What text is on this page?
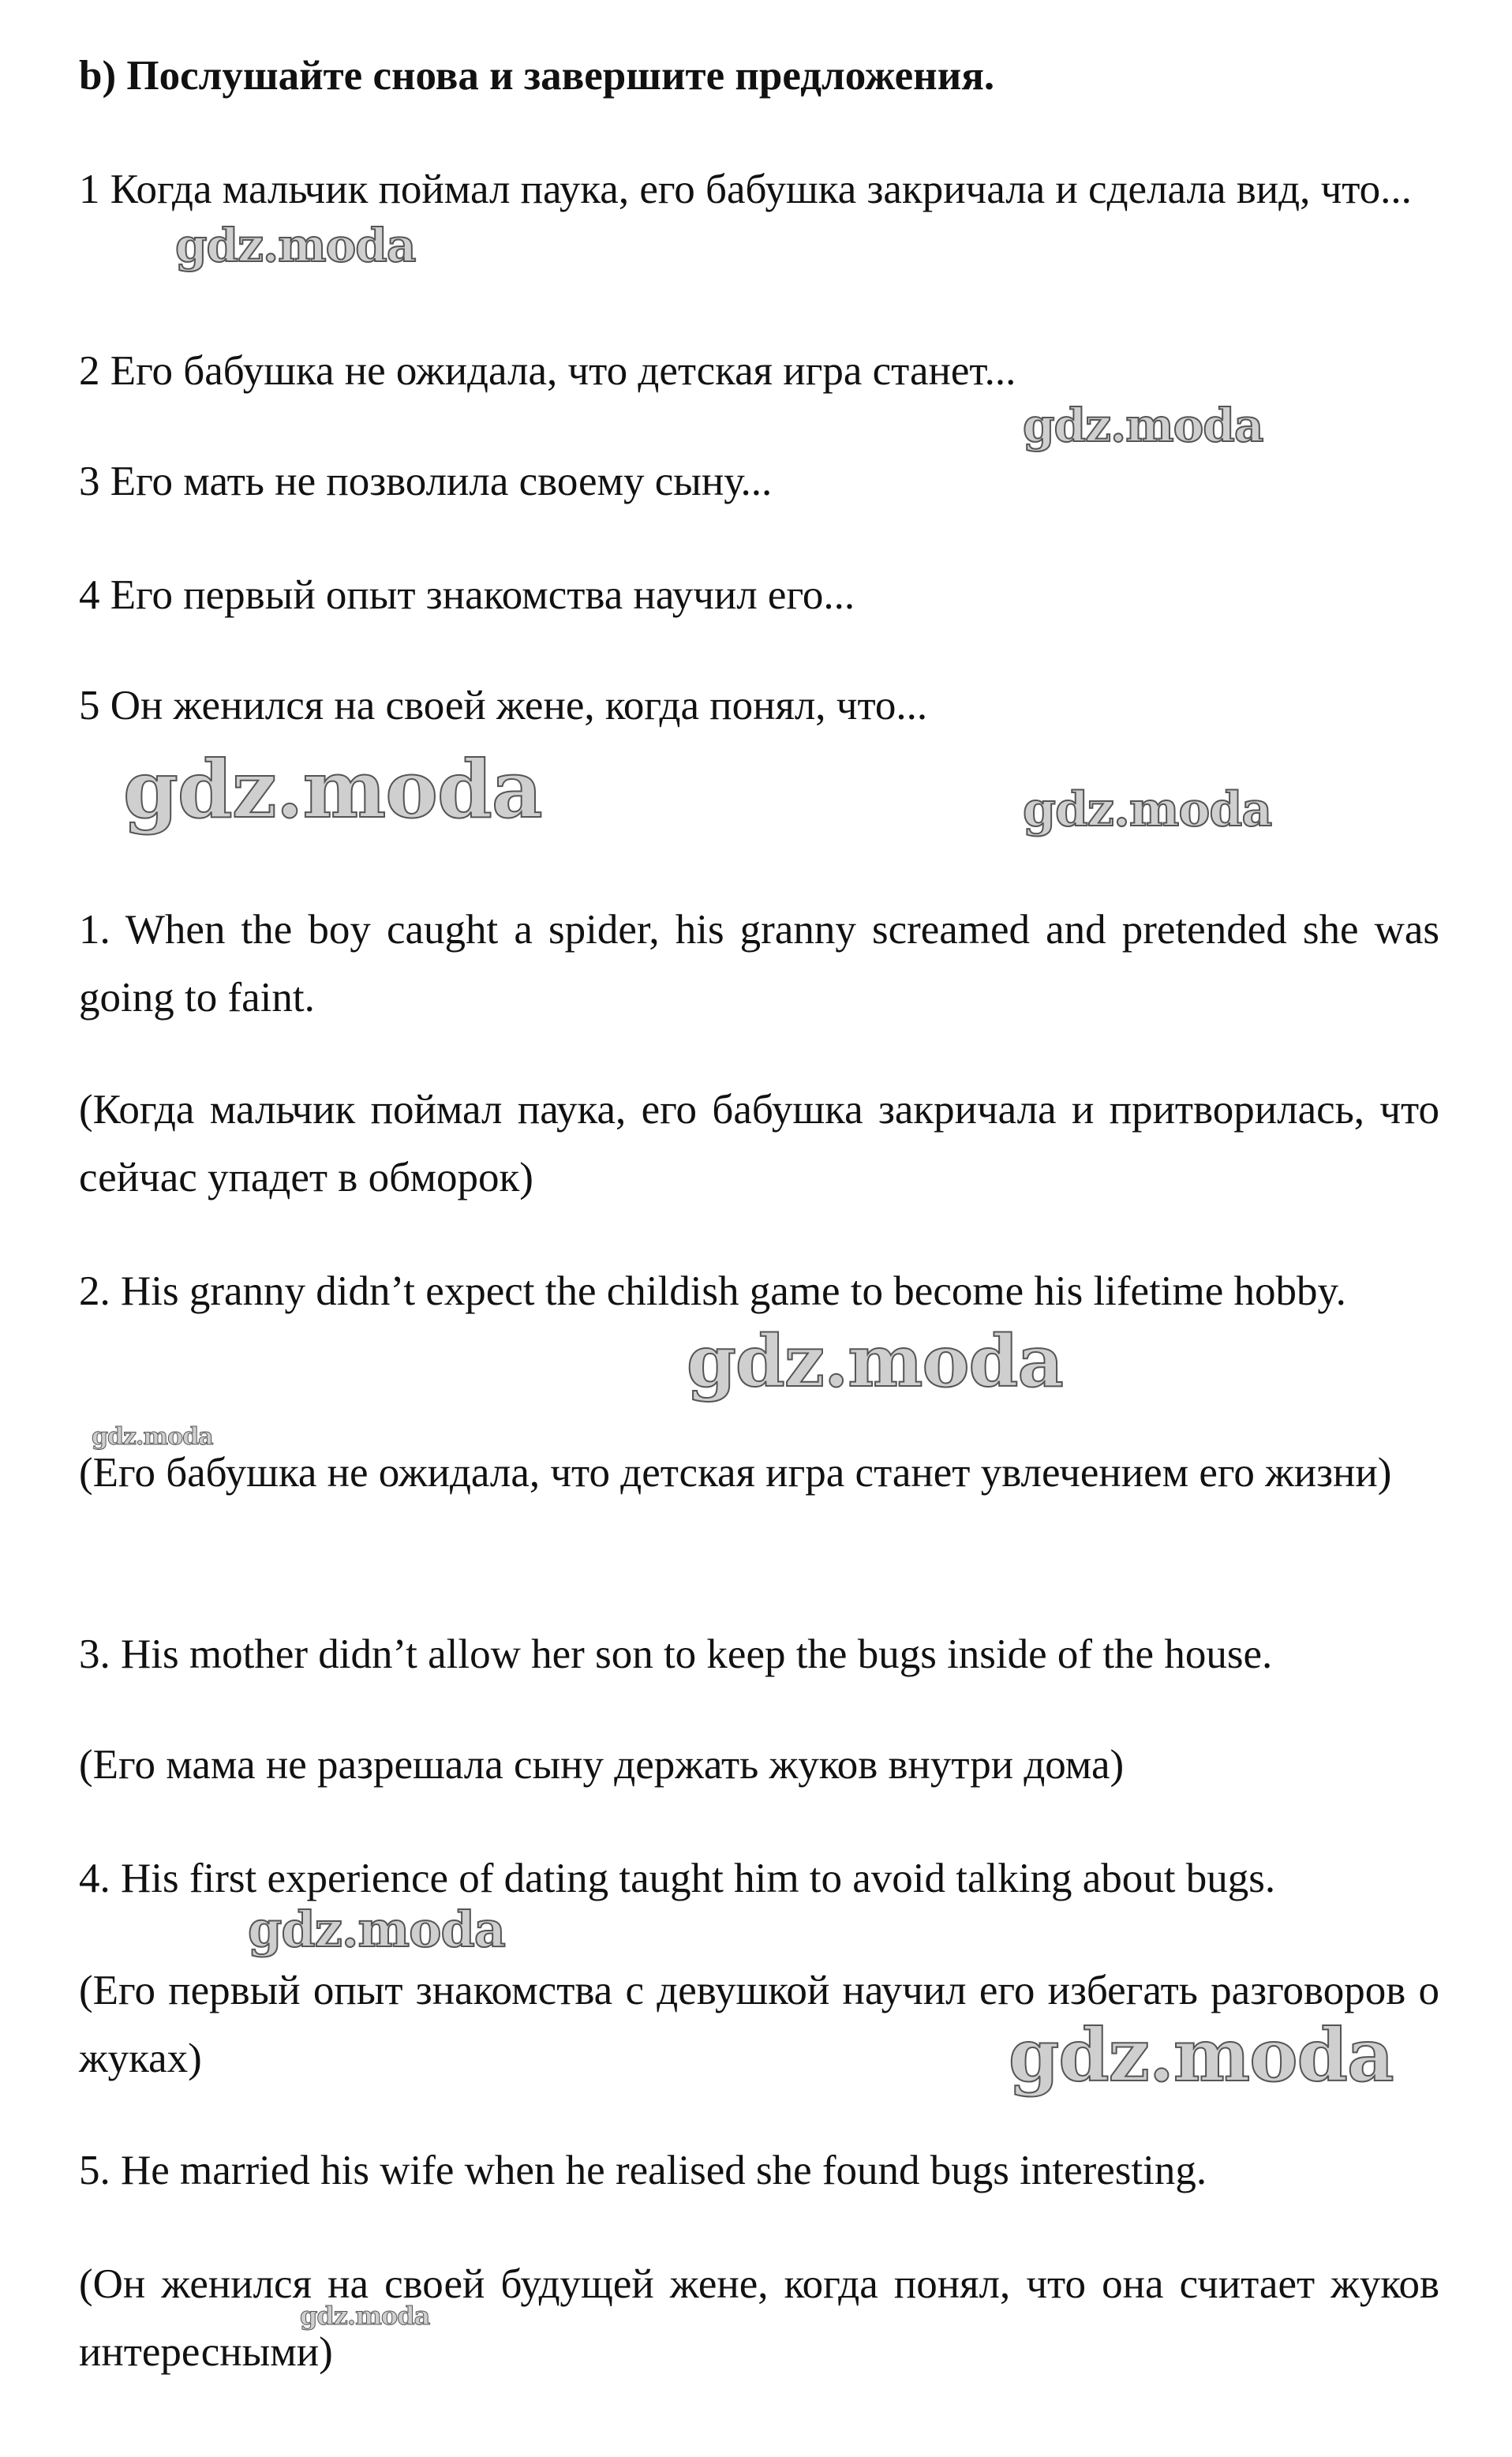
b) Послушайте снова и завершите предложения.

1 Когда мальчик поймал паука, его бабушка закричала и сделала вид, что...

2 Его бабушка не ожидала, что детская игра станет...

3 Его мать не позволила своему сыну...

4 Его первый опыт знакомства научил его...

5 Он женился на своей жене, когда понял, что...

1. When the boy caught a spider, his granny screamed and pretended she was going to faint.

(Когда мальчик поймал паука, его бабушка закричала и притворилась, что сейчас упадет в обморок)

2. His granny didn’t expect the childish game to become his lifetime hobby.

(Его бабушка не ожидала, что детская игра станет увлечением его жизни)

3. His mother didn’t allow her son to keep the bugs inside of the house.

(Его мама не разрешала сыну держать жуков внутри дома)

4. His first experience of dating taught him to avoid talking about bugs.

(Его первый опыт знакомства с девушкой научил его избегать разговоров о жуках)

5. He married his wife when he realised she found bugs interesting.

(Он женился на своей будущей жене, когда понял, что она считает жуков интересными)

gdz.moda
gdz.moda
gdz.moda	gdz.moda
gdz.moda
gdz.moda
gdz.moda
gdz.moda
gdz.moda
